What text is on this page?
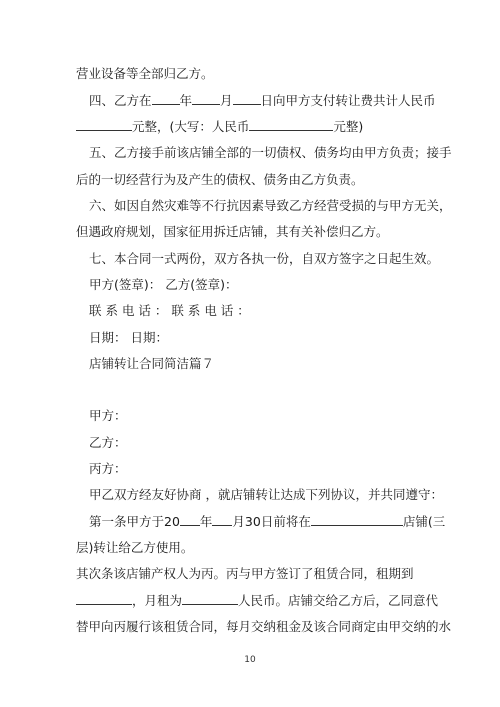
营业设备等全部归乙方。
四、乙方在 年 月 日向甲方支付转让费共计人民币
元整，(大写：人民币	元整)
五、乙方接手前该店铺全部的一切债权、债务均由甲方负责；接手
后的一切经营行为及产生的债权、债务由乙方负责。
六、如因自然灾难等不行抗因素导致乙方经营受损的与甲方无关，
但遇政府规划，国家征用拆迁店铺，其有关补偿归乙方。
七、本合同一式两份，双方各执一份，自双方签字之日起生效。
甲方(签章)： 乙方(签章)：
联 系 电 话 ： 联 系 电 话 ：
日期： 日期：
店铺转让合同简洁篇７
甲方：
乙方：
丙方：
甲乙双方经友好协商 ，就店铺转让达成下列协议，并共同遵守：
第一条甲方于20 年 月30日前将在	店铺(三
层)转让给乙方使用。
其次条该店铺产权人为丙。丙与甲方签订了租赁合同，租期到
，月租为	人民币。店铺交给乙方后，乙同意代
替甲向丙履行该租赁合同，每月交纳租金及该合同商定由甲交纳的水
10
